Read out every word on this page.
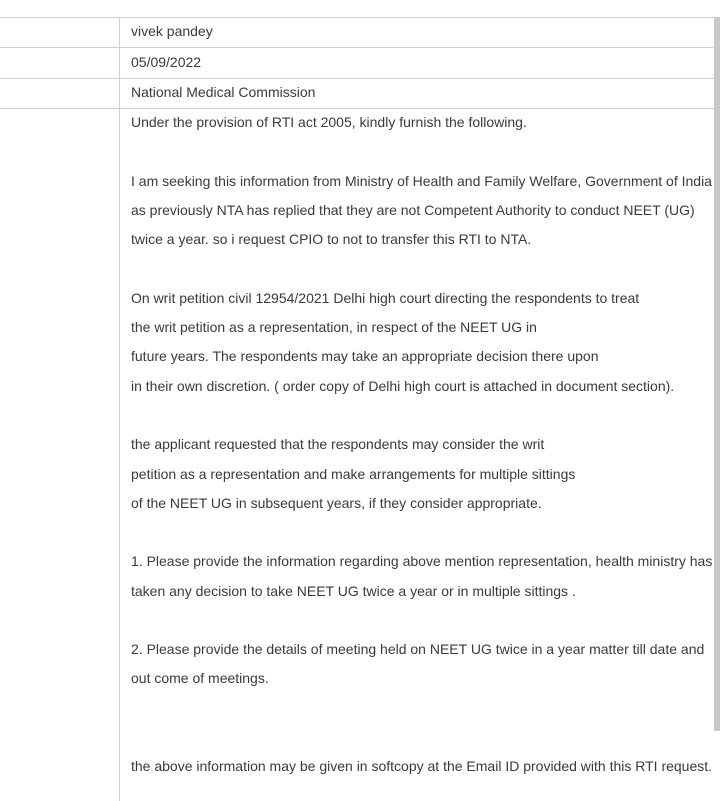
vivek pandey
05/09/2022
National Medical Commission
Under the provision of RTI act 2005, kindly furnish the following.
I am seeking this information from Ministry of Health and Family Welfare, Government of India
as previously NTA has replied that they are not Competent Authority to conduct NEET (UG)
twice a year. so i request CPIO to not to transfer this RTI to NTA.
On writ petition civil 12954/2021 Delhi high court directing the respondents to treat
the writ petition as a representation, in respect of the NEET UG in
future years. The respondents may take an appropriate decision there upon
in their own discretion. ( order copy of Delhi high court is attached in document section).
the applicant requested that the respondents may consider the writ
petition as a representation and make arrangements for multiple sittings
of the NEET UG in subsequent years, if they consider appropriate.
1. Please provide the information regarding above mention representation, health ministry has
taken any decision to take NEET UG twice a year or in multiple sittings .
2. Please provide the details of meeting held on NEET UG twice in a year matter till date and
out come of meetings.
the above information may be given in softcopy at the Email ID provided with this RTI request.
